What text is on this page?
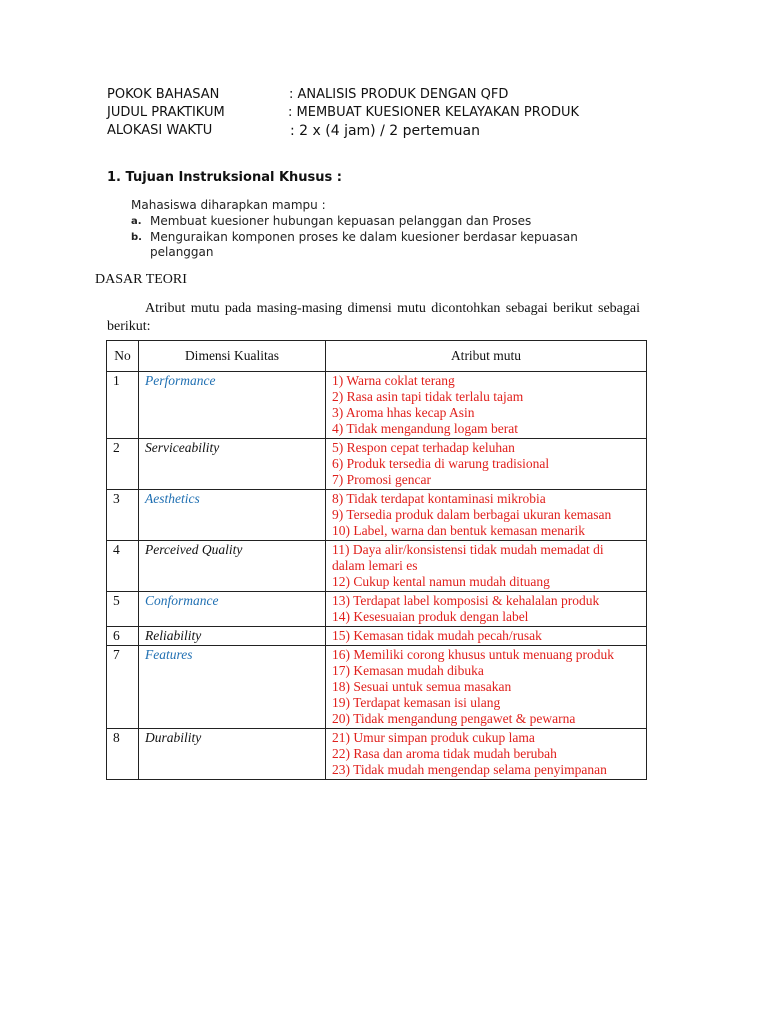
POKOK BAHASAN	: ANALISIS PRODUK DENGAN QFD
JUDUL PRAKTIKUM	: MEMBUAT KUESIONER KELAYAKAN PRODUK
ALOKASI WAKTU	: 2 x (4 jam) / 2 pertemuan
1. Tujuan Instruksional Khusus :
Mahasiswa diharapkan mampu :
a. Membuat kuesioner hubungan kepuasan pelanggan dan Proses
b. Menguraikan komponen proses ke dalam kuesioner berdasar kepuasan pelanggan
DASAR TEORI
Atribut mutu pada masing-masing dimensi mutu dicontohkan sebagai berikut sebagai berikut:
No	Dimensi Kualitas	Atribut mutu
1	Performance	1) Warna coklat terang
2) Rasa asin tapi tidak terlalu tajam
3) Aroma hhas kecap Asin
4) Tidak mengandung logam berat

2	Serviceability	5) Respon cepat terhadap keluhan
6) Produk tersedia di warung tradisional
7) Promosi gencar

3	Aesthetics	8) Tidak terdapat kontaminasi mikrobia
9) Tersedia produk dalam berbagai ukuran kemasan
10) Label, warna dan bentuk kemasan menarik

4	Perceived Quality	11) Daya alir/konsistensi tidak mudah memadat di dalam lemari es
12) Cukup kental namun mudah dituang

5	Conformance	13) Terdapat label komposisi & kehalalan produk
14) Kesesuaian produk dengan label

6	Reliability	15) Kemasan tidak mudah pecah/rusak

7	Features	16) Memiliki corong khusus untuk menuang produk
17) Kemasan mudah dibuka
18) Sesuai untuk semua masakan
19) Terdapat kemasan isi ulang
20) Tidak mengandung pengawet & pewarna

8	Durability	21) Umur simpan produk cukup lama
22) Rasa dan aroma tidak mudah berubah
23) Tidak mudah mengendap selama penyimpanan
